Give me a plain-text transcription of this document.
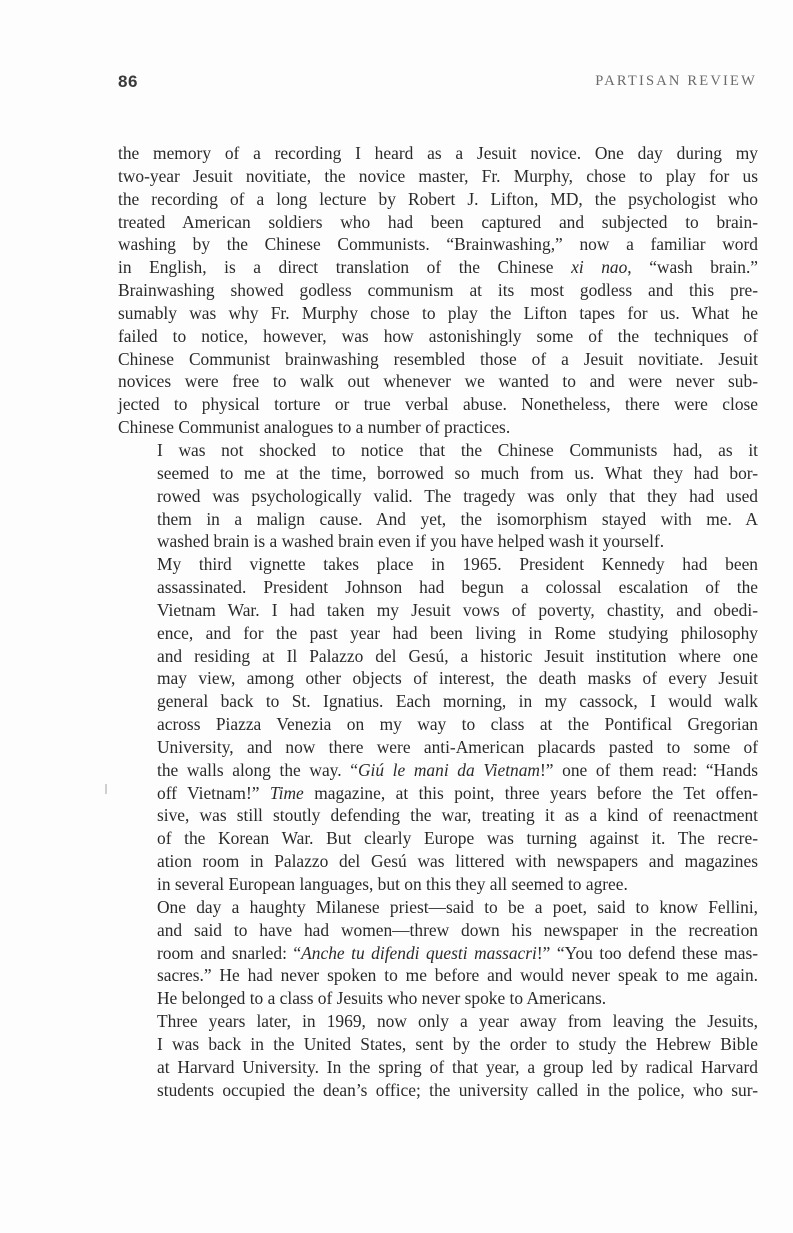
86	PARTISAN REVIEW

the memory of a recording I heard as a Jesuit novice. One day during my
two-year Jesuit novitiate, the novice master, Fr. Murphy, chose to play for us
the recording of a long lecture by Robert J. Lifton, MD, the psychologist who
treated American soldiers who had been captured and subjected to brain-
washing by the Chinese Communists. “Brainwashing,” now a familiar word
in English, is a direct translation of the Chinese xi nao, “wash brain.”
Brainwashing showed godless communism at its most godless and this pre-
sumably was why Fr. Murphy chose to play the Lifton tapes for us. What he
failed to notice, however, was how astonishingly some of the techniques of
Chinese Communist brainwashing resembled those of a Jesuit novitiate. Jesuit
novices were free to walk out whenever we wanted to and were never sub-
jected to physical torture or true verbal abuse. Nonetheless, there were close
Chinese Communist analogues to a number of practices.

I was not shocked to notice that the Chinese Communists had, as it
seemed to me at the time, borrowed so much from us. What they had bor-
rowed was psychologically valid. The tragedy was only that they had used
them in a malign cause. And yet, the isomorphism stayed with me. A
washed brain is a washed brain even if you have helped wash it yourself.

My third vignette takes place in 1965. President Kennedy had been
assassinated. President Johnson had begun a colossal escalation of the
Vietnam War. I had taken my Jesuit vows of poverty, chastity, and obedi-
ence, and for the past year had been living in Rome studying philosophy
and residing at Il Palazzo del Gesú, a historic Jesuit institution where one
may view, among other objects of interest, the death masks of every Jesuit
general back to St. Ignatius. Each morning, in my cassock, I would walk
across Piazza Venezia on my way to class at the Pontifical Gregorian
University, and now there were anti-American placards pasted to some of
the walls along the way. “Giú le mani da Vietnam!” one of them read: “Hands
off Vietnam!” Time magazine, at this point, three years before the Tet offen-
sive, was still stoutly defending the war, treating it as a kind of reenactment
of the Korean War. But clearly Europe was turning against it. The recre-
ation room in Palazzo del Gesú was littered with newspapers and magazines
in several European languages, but on this they all seemed to agree.

One day a haughty Milanese priest—said to be a poet, said to know Fellini,
and said to have had women—threw down his newspaper in the recreation
room and snarled: “Anche tu difendi questi massacri!” “You too defend these mas-
sacres.” He had never spoken to me before and would never speak to me again.
He belonged to a class of Jesuits who never spoke to Americans.

Three years later, in 1969, now only a year away from leaving the Jesuits,
I was back in the United States, sent by the order to study the Hebrew Bible
at Harvard University. In the spring of that year, a group led by radical Harvard
students occupied the dean’s office; the university called in the police, who sur-
